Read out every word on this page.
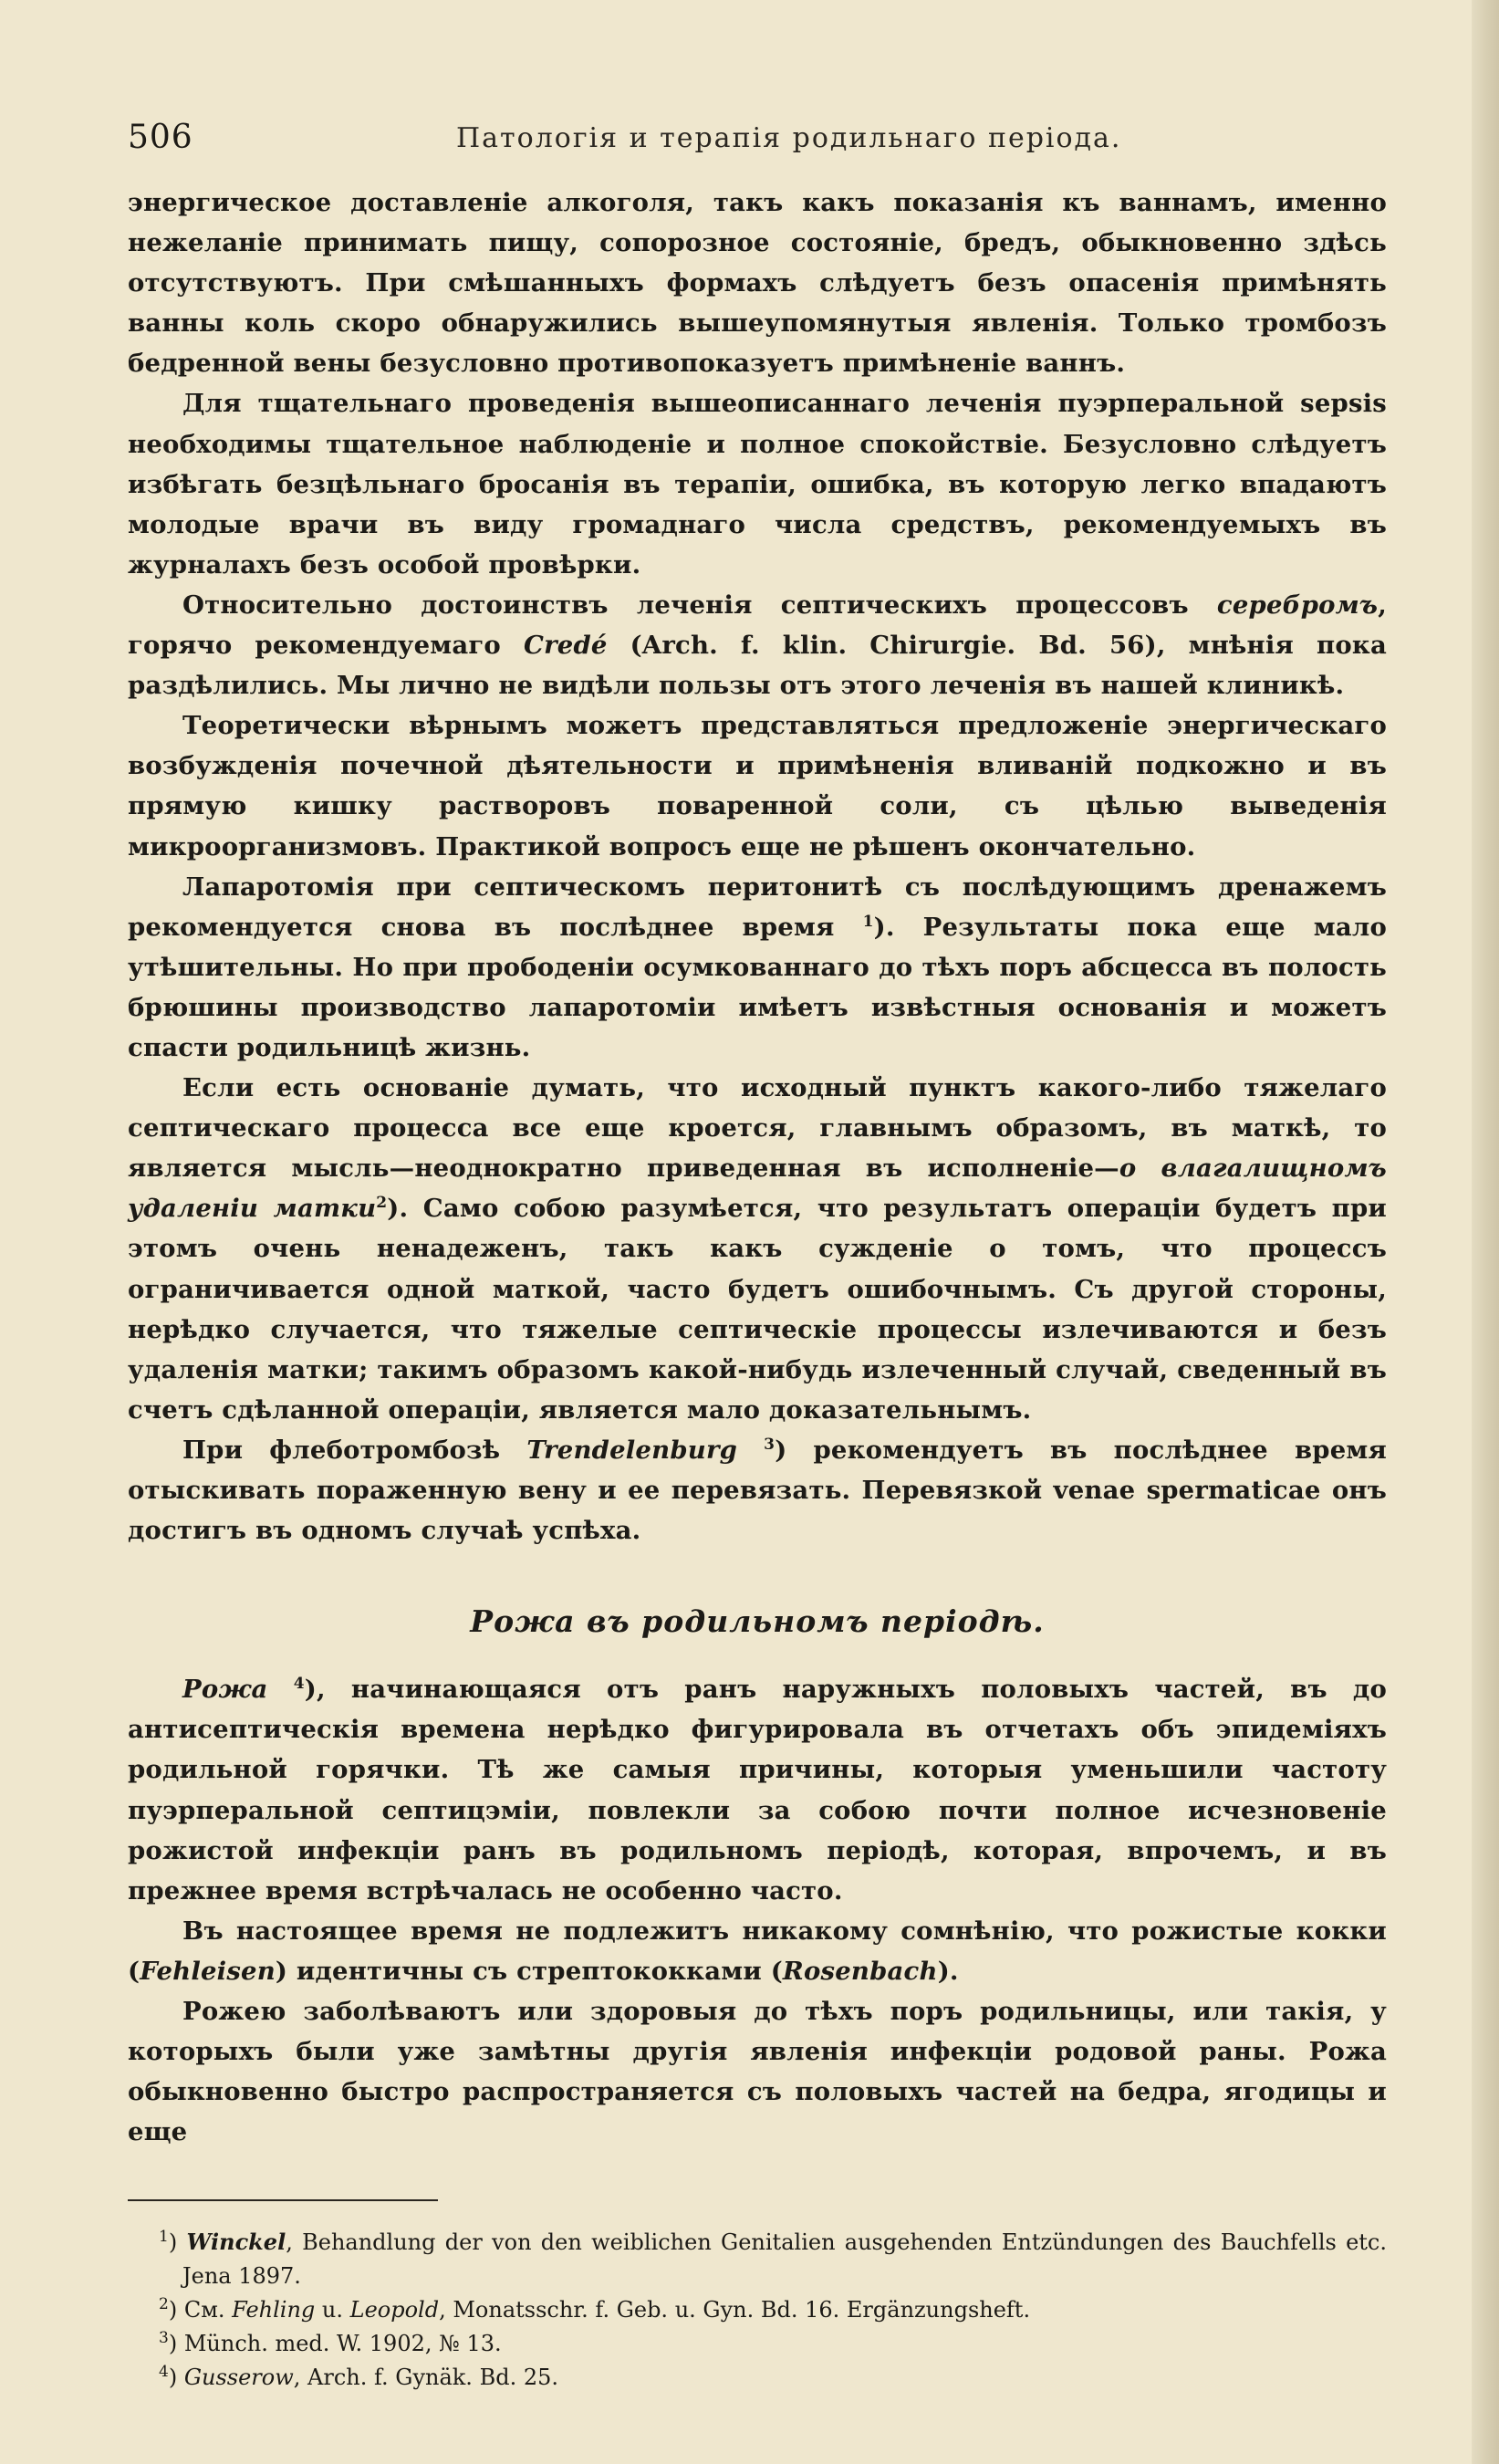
506	Патологія и терапія родильнаго періода.

энергическое доставленіе алкоголя, такъ какъ показанія къ ваннамъ, именно нежеланіе принимать пищу, сопорозное состояніе, бредъ, обыкновенно здѣсь отсутствуютъ. При смѣшанныхъ формахъ слѣдуетъ безъ опасенія примѣнять ванны коль скоро обнаружились вышеупомянутыя явленія. Только тромбозъ бедренной вены безусловно противопоказуетъ примѣненіе ваннъ.

Для тщательнаго проведенія вышеописаннаго леченія пуэрперальной sepsis необходимы тщательное наблюденіе и полное спокойствіе. Безусловно слѣдуетъ избѣгать безцѣльнаго бросанія въ терапіи, ошибка, въ которую легко впадаютъ молодые врачи въ виду громаднаго числа средствъ, рекомендуемыхъ въ журналахъ безъ особой провѣрки.

Относительно достоинствъ леченія септическихъ процессовъ серебромъ, горячо рекомендуемаго Credé (Arch. f. klin. Chirurgie. Bd. 56), мнѣнія пока раздѣлились. Мы лично не видѣли пользы отъ этого леченія въ нашей клиникѣ.

Теоретически вѣрнымъ можетъ представляться предложеніе энергическаго возбужденія почечной дѣятельности и примѣненія вливаній подкожно и въ прямую кишку растворовъ поваренной соли, съ цѣлью выведенія микроорганизмовъ. Практикой вопросъ еще не рѣшенъ окончательно.

Лапаротомія при септическомъ перитонитѣ съ послѣдующимъ дренажемъ рекомендуется снова въ послѣднее время $^1$). Результаты пока еще мало утѣшительны. Но при прободеніи осумкованнаго до тѣхъ поръ абсцесса въ полость брюшины производство лапаротоміи имѣетъ извѣстныя основанія и можетъ спасти родильницѣ жизнь.

Если есть основаніе думать, что исходный пунктъ какого-либо тяжелаго септическаго процесса все еще кроется, главнымъ образомъ, въ маткѣ, то является мысль—неоднократно приведенная въ исполненіе—о влагалищномъ удаленіи матки$^2$). Само собою разумѣется, что результатъ операціи будетъ при этомъ очень ненадеженъ, такъ какъ сужденіе о томъ, что процессъ ограничивается одной маткой, часто будетъ ошибочнымъ. Съ другой стороны, нерѣдко случается, что тяжелые септическіе процессы излечиваются и безъ удаленія матки; такимъ образомъ какой-нибудь излеченный случай, сведенный въ счетъ сдѣланной операціи, является мало доказательнымъ.

При флеботромбозѣ Trendelenburg $^3$) рекомендуетъ въ послѣднее время отыскивать пораженную вену и ее перевязать. Перевязкой venae spermaticae онъ достигъ въ одномъ случаѣ успѣха.

Рожа въ родильномъ періодѣ.

Рожа $^4$), начинающаяся отъ ранъ наружныхъ половыхъ частей, въ до антисептическія времена нерѣдко фигурировала въ отчетахъ объ эпидеміяхъ родильной горячки. Тѣ же самыя причины, которыя уменьшили частоту пуэрперальной септицэміи, повлекли за собою почти полное исчезновеніе рожистой инфекціи ранъ въ родильномъ періодѣ, которая, впрочемъ, и въ прежнее время встрѣчалась не особенно часто.

Въ настоящее время не подлежитъ никакому сомнѣнію, что рожистые кокки (Fehleisen) идентичны съ стрептококками (Rosenbach).

Рожею заболѣваютъ или здоровыя до тѣхъ поръ родильницы, или такія, у которыхъ были уже замѣтны другія явленія инфекціи родовой раны. Рожа обыкновенно быстро распространяется съ половыхъ частей на бедра, ягодицы и еще

$^1$) Winckel, Behandlung der von den weiblichen Genitalien ausgehenden Entzündungen des Bauchfells etc. Jena 1897.

$^2$) См. Fehling u. Leopold, Monatsschr. f. Geb. u. Gyn. Bd. 16. Ergänzungsheft.

$^3$) Münch. med. W. 1902, № 13.

$^4$) Gusserow, Arch. f. Gynäk. Bd. 25.
